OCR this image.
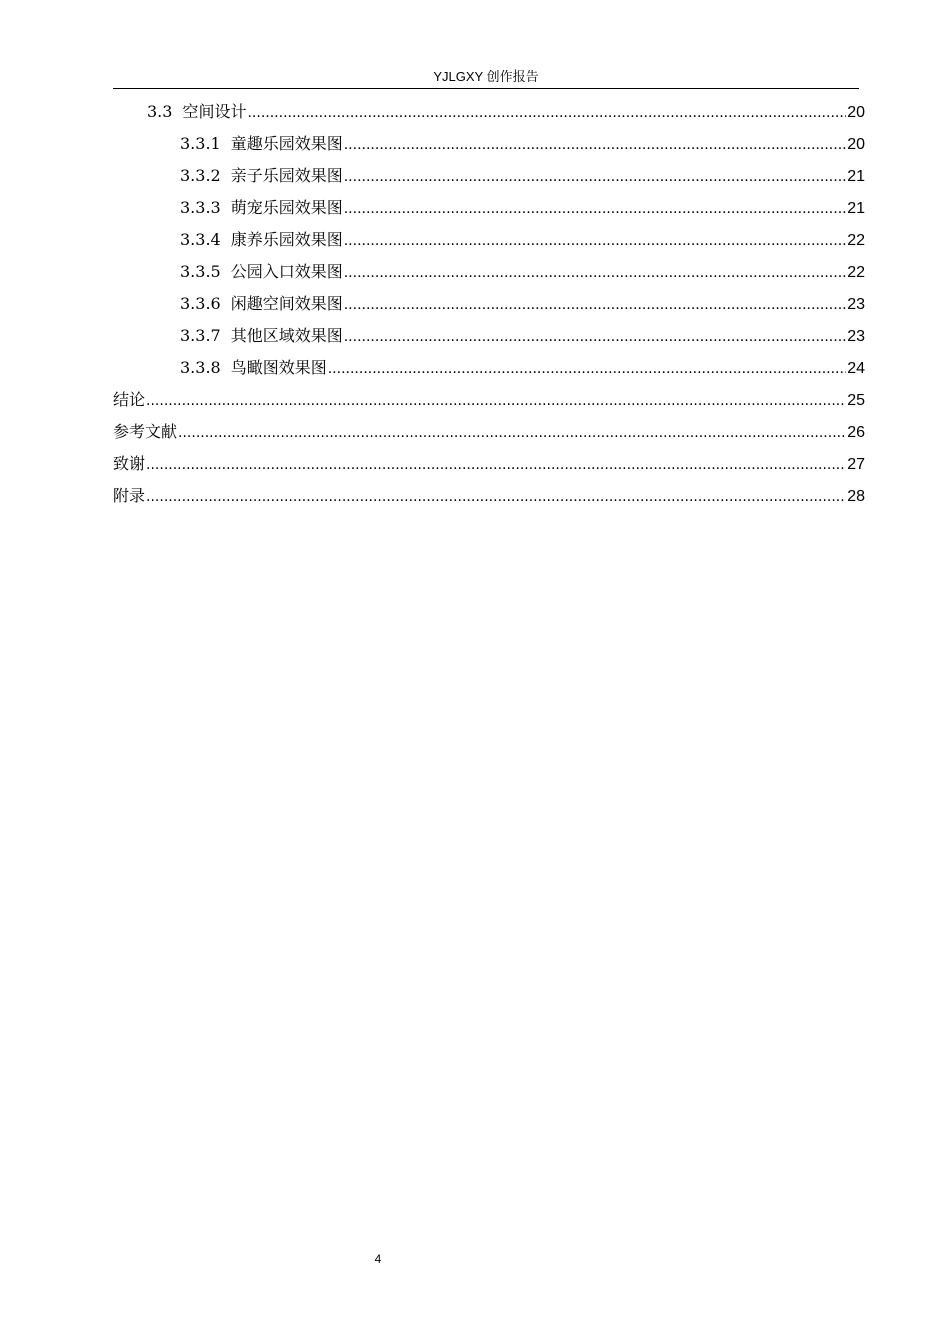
YJLGXY 创作报告
3.3 空间设计 .....	20
3.3.1 童趣乐园效果图 .....	20
3.3.2 亲子乐园效果图 .....	21
3.3.3 萌宠乐园效果图 .....	21
3.3.4 康养乐园效果图 .....	22
3.3.5 公园入口效果图 .....	22
3.3.6 闲趣空间效果图 .....	23
3.3.7 其他区域效果图 .....	23
3.3.8 鸟瞰图效果图 .....	24
结论 .....	25
参考文献 .....	26
致谢 .....	27
附录 .....	28
4
